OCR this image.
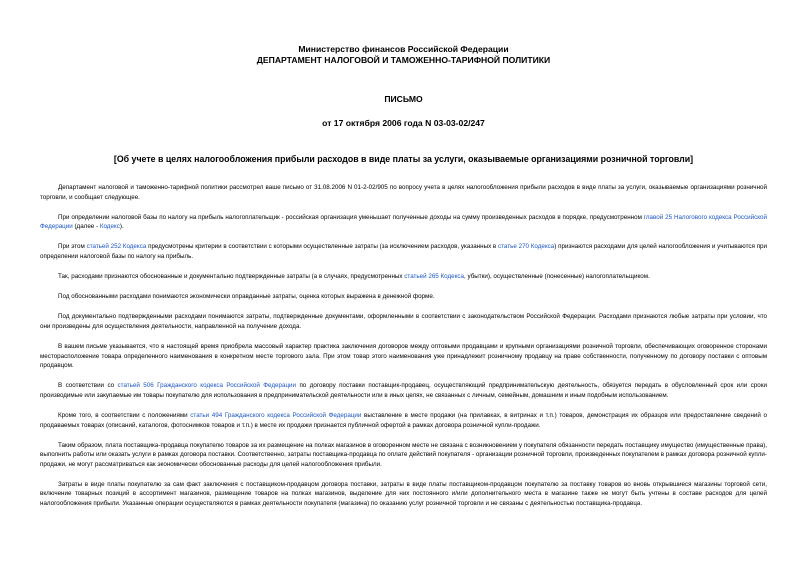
Министерство финансов Российской Федерации
ДЕПАРТАМЕНТ НАЛОГОВОЙ И ТАМОЖЕННО-ТАРИФНОЙ ПОЛИТИКИ
ПИСЬМО
от 17 октября 2006 года N 03-03-02/247
[Об учете в целях налогообложения прибыли расходов в виде платы за услуги, оказываемые организациями розничной торговли]

Департамент налоговой и таможенно-тарифной политики рассмотрел ваше письмо от 31.08.2006 N 01-2-02/905 по вопросу учета в целях налогообложения прибыли расходов в виде платы за услуги, оказываемые организациями розничной торговли, и сообщает следующее.

При определении налоговой базы по налогу на прибыль налогоплательщик - российская организация уменьшает полученные доходы на сумму произведенных расходов в порядке, предусмотренном главой 25 Налогового кодекса Российской Федерации (далее - Кодекс).

При этом статьей 252 Кодекса предусмотрены критерии в соответствии с которыми осуществленные затраты (за исключением расходов, указанных в статье 270 Кодекса) признаются расходами для целей налогообложения и учитываются при определении налоговой базы по налогу на прибыль.

Так, расходами признаются обоснованные и документально подтвержденные затраты (а в случаях, предусмотренных статьей 265 Кодекса, убытки), осуществленные (понесенные) налогоплательщиком.

Под обоснованными расходами понимаются экономически оправданные затраты, оценка которых выражена в денежной форме.

Под документально подтвержденными расходами понимаются затраты, подтвержденные документами, оформленными в соответствии с законодательством Российской Федерации. Расходами признаются любые затраты при условии, что они произведены для осуществления деятельности, направленной на получение дохода.

В вашем письме указывается, что в настоящей время приобрела массовый характер практика заключения договоров между оптовыми продавцами и крупными организациями розничной торговли, обеспечивающих оговоренное сторонами месторасположение товара определенного наименования в конкретном месте торгового зала. При этом товар этого наименования уже принадлежит розничному продавцу на праве собственности, полученному по договору поставки с оптовым продавцом.

В соответствии со статьей 506 Гражданского кодекса Российской Федерации по договору поставки поставщик-продавец, осуществляющий предпринимательскую деятельность, обязуется передать в обусловленный срок или сроки производимые или закупаемые им товары покупателю для использования в предпринимательской деятельности или в иных целях, не связанных с личным, семейным, домашним и иным подобным использованием.

Кроме того, в соответствии с положениями статьи 494 Гражданского кодекса Российской Федерации выставление в месте продажи (на прилавках, в витринах и т.п.) товаров, демонстрация их образцов или предоставление сведений о продаваемых товарах (описаний, каталогов, фотоснимков товаров и т.п.) в месте их продажи признается публичной офертой в рамках договора розничной купли-продажи.

Таким образом, плата поставщика-продавца покупателю товаров за их размещение на полках магазинов в оговоренном месте не связана с возникновением у покупателя обязанности передать поставщику имущество (имущественные права), выполнить работы или оказать услуги в рамках договора поставки. Соответственно, затраты поставщика-продавца по оплате действий покупателя - организации розничной торговли, произведенных покупателем в рамках договора розничной купли-продажи, не могут рассматриваться как экономически обоснованные расходы для целей налогообложения прибыли.

Затраты в виде платы покупателю за сам факт заключения с поставщиком-продавцом договора поставки, затраты в виде платы поставщиком-продавцом покупателю за поставку товаров во вновь открывшиеся магазины торговой сети, включение товарных позиций в ассортимент магазинов, размещение товаров на полках магазинов, выделение для них постоянного и/или дополнительного места в магазине также не могут быть учтены в составе расходов для целей налогообложения прибыли. Указанные операции осуществляются в рамках деятельности покупателя (магазина) по оказанию услуг розничной торговли и не связаны с деятельностью поставщика-продавца.
